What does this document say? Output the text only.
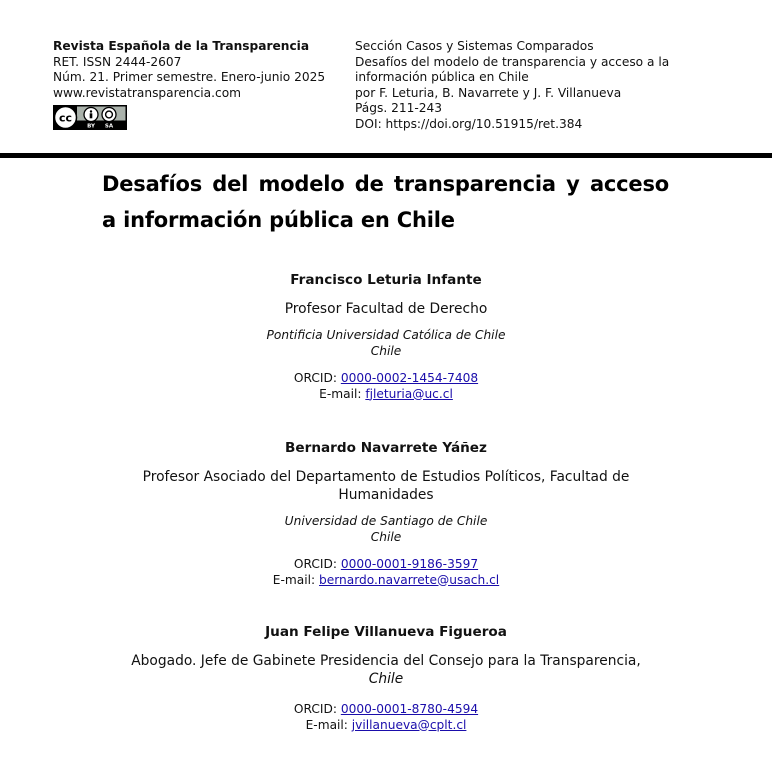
Revista Española de la Transparencia
RET. ISSN 2444-2607
Núm. 21. Primer semestre. Enero-junio 2025
www.revistatransparencia.com
cc
BY SA
Sección Casos y Sistemas Comparados
Desafíos del modelo de transparencia y acceso a la
información pública en Chile
por F. Leturia, B. Navarrete y J. F. Villanueva
Págs. 211-243
DOI: https://doi.org/10.51915/ret.384
Desafíos del modelo de transparencia y acceso a información pública en Chile
Francisco Leturia Infante
Profesor Facultad de Derecho
Pontificia Universidad Católica de Chile
Chile
ORCID: 0000-0002-1454-7408
E-mail: fjleturia@uc.cl
Bernardo Navarrete Yáñez
Profesor Asociado del Departamento de Estudios Políticos, Facultad de
Humanidades
Universidad de Santiago de Chile
Chile
ORCID: 0000-0001-9186-3597
E-mail: bernardo.navarrete@usach.cl
Juan Felipe Villanueva Figueroa
Abogado. Jefe de Gabinete Presidencia del Consejo para la Transparencia,
Chile
ORCID: 0000-0001-8780-4594
E-mail: jvillanueva@cplt.cl
